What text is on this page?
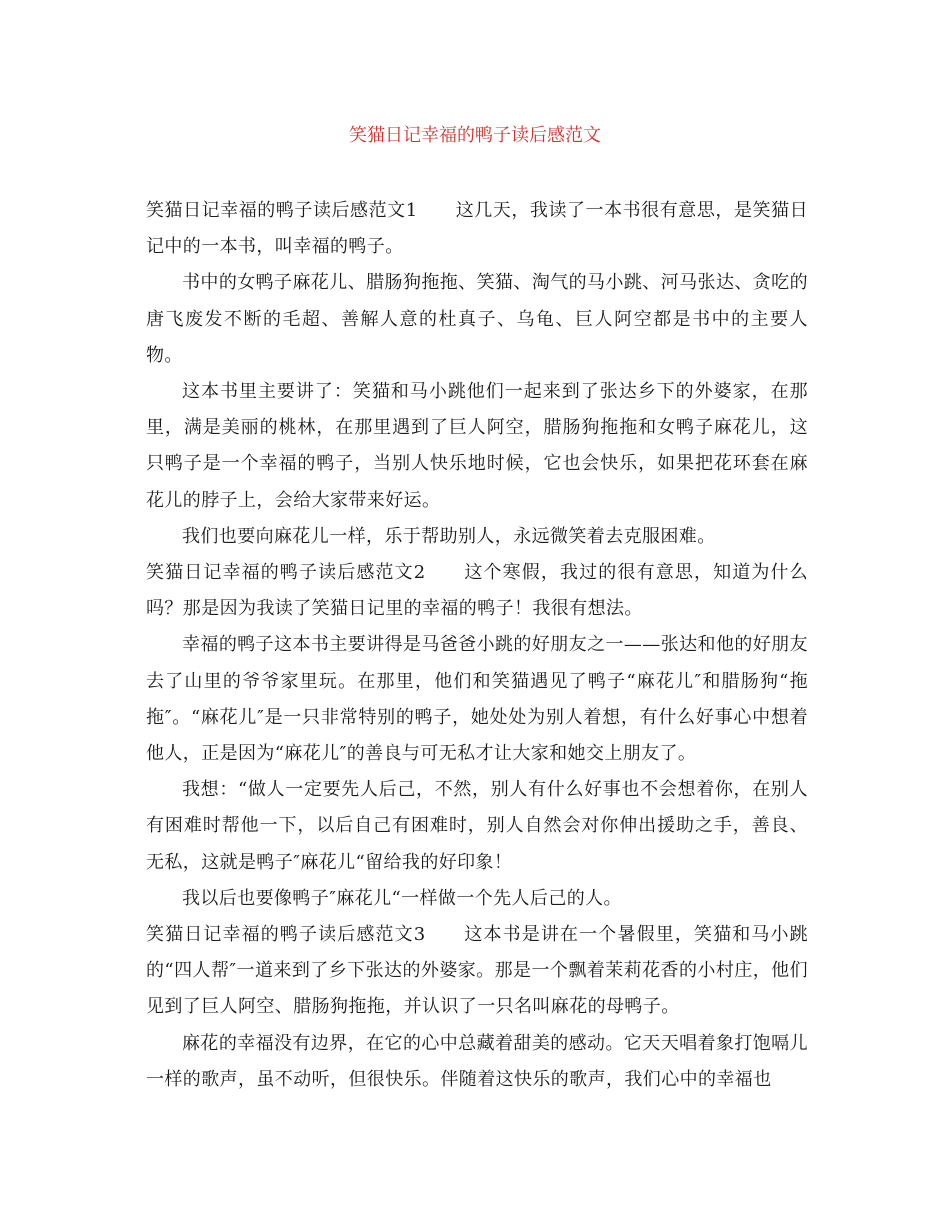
笑猫日记幸福的鸭子读后感范文

笑猫日记幸福的鸭子读后感范文1 这几天，我读了一本书很有意思，是笑猫日记中的一本书，叫幸福的鸭子。

书中的女鸭子麻花儿、腊肠狗拖拖、笑猫、淘气的马小跳、河马张达、贪吃的唐飞废发不断的毛超、善解人意的杜真子、乌龟、巨人阿空都是书中的主要人物。

这本书里主要讲了：笑猫和马小跳他们一起来到了张达乡下的外婆家，在那里，满是美丽的桃林，在那里遇到了巨人阿空，腊肠狗拖拖和女鸭子麻花儿，这只鸭子是一个幸福的鸭子，当别人快乐地时候，它也会快乐，如果把花环套在麻花儿的脖子上，会给大家带来好运。

我们也要向麻花儿一样，乐于帮助别人，永远微笑着去克服困难。

笑猫日记幸福的鸭子读后感范文2 这个寒假，我过的很有意思，知道为什么吗？那是因为我读了笑猫日记里的幸福的鸭子！我很有想法。

幸福的鸭子这本书主要讲得是马爸爸小跳的好朋友之一——张达和他的好朋友去了山里的爷爷家里玩。在那里，他们和笑猫遇见了鸭子“麻花儿″和腊肠狗“拖拖″。“麻花儿″是一只非常特别的鸭子，她处处为别人着想，有什么好事心中想着他人，正是因为“麻花儿″的善良与可无私才让大家和她交上朋友了。

我想：“做人一定要先人后己，不然，别人有什么好事也不会想着你，在别人有困难时帮他一下，以后自己有困难时，别人自然会对你伸出援助之手，善良、无私，这就是鸭子″麻花儿“留给我的好印象！

我以后也要像鸭子″麻花儿“一样做一个先人后己的人。

笑猫日记幸福的鸭子读后感范文3 这本书是讲在一个暑假里，笑猫和马小跳的“四人帮″一道来到了乡下张达的外婆家。那是一个飘着茉莉花香的小村庄，他们见到了巨人阿空、腊肠狗拖拖，并认识了一只名叫麻花的母鸭子。

麻花的幸福没有边界，在它的心中总藏着甜美的感动。它天天唱着象打饱嗝儿一样的歌声，虽不动听，但很快乐。伴随着这快乐的歌声，我们心中的幸福也
